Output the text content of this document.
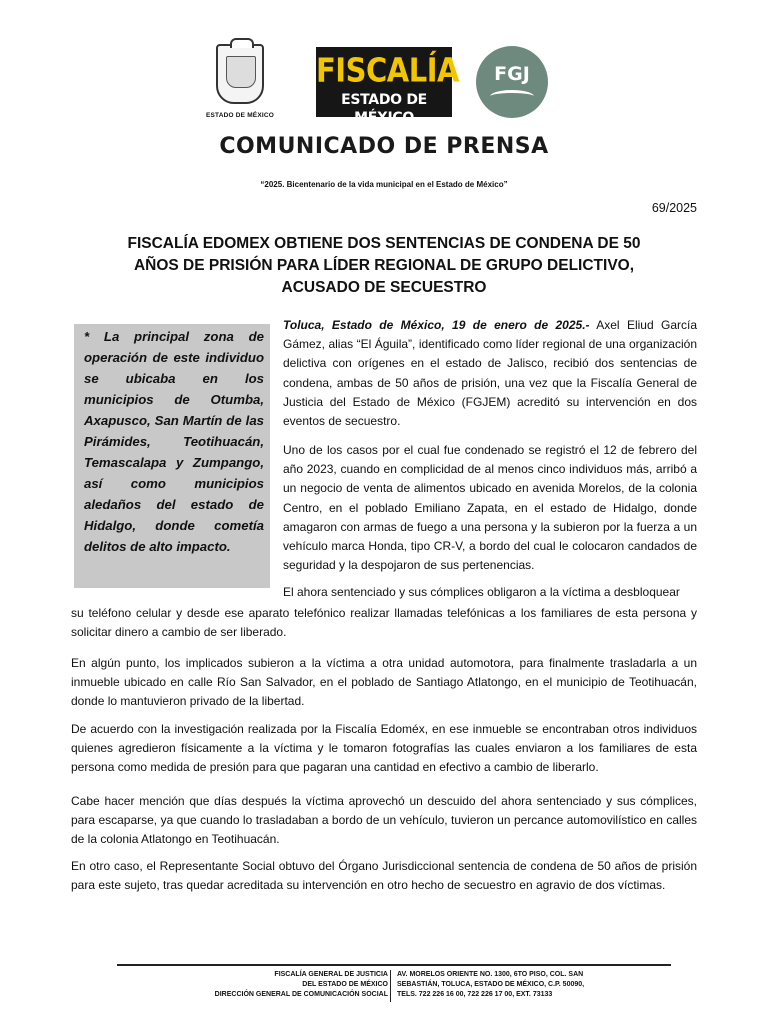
ESTADO DE MÉXICO
FISCALÍA
ESTADO DE MÉXICO
FGJ
COMUNICADO DE PRENSA
“2025. Bicentenario de la vida municipal en el Estado de México”
69/2025
FISCALÍA EDOMEX OBTIENE DOS SENTENCIAS DE CONDENA DE 50
AÑOS DE PRISIÓN PARA LÍDER REGIONAL DE GRUPO DELICTIVO,
ACUSADO DE SECUESTRO

* La principal zona de operación de este individuo se ubicaba en los municipios de Otumba, Axapusco, San Martín de las Pirámides, Teotihuacán, Temascalapa y Zumpango, así como municipios aledaños del estado de Hidalgo, donde cometía delitos de alto impacto.

Toluca, Estado de México, 19 de enero de 2025.- Axel Eliud García Gámez, alias “El Águila”, identificado como líder regional de una organización delictiva con orígenes en el estado de Jalisco, recibió dos sentencias de condena, ambas de 50 años de prisión, una vez que la Fiscalía General de Justicia del Estado de México (FGJEM) acreditó su intervención en dos eventos de secuestro.

Uno de los casos por el cual fue condenado se registró el 12 de febrero del año 2023, cuando en complicidad de al menos cinco individuos más, arribó a un negocio de venta de alimentos ubicado en avenida Morelos, de la colonia Centro, en el poblado Emiliano Zapata, en el estado de Hidalgo, donde amagaron con armas de fuego a una persona y la subieron por la fuerza a un vehículo marca Honda, tipo CR-V, a bordo del cual le colocaron candados de seguridad y la despojaron de sus pertenencias.

El ahora sentenciado y sus cómplices obligaron a la víctima a desbloquear

su teléfono celular y desde ese aparato telefónico realizar llamadas telefónicas a los familiares de esta persona y solicitar dinero a cambio de ser liberado.

En algún punto, los implicados subieron a la víctima a otra unidad automotora, para finalmente trasladarla a un inmueble ubicado en calle Río San Salvador, en el poblado de Santiago Atlatongo, en el municipio de Teotihuacán, donde lo mantuvieron privado de la libertad.

De acuerdo con la investigación realizada por la Fiscalía Edoméx, en ese inmueble se encontraban otros individuos quienes agredieron físicamente a la víctima y le tomaron fotografías las cuales enviaron a los familiares de esta persona como medida de presión para que pagaran una cantidad en efectivo a cambio de liberarlo.

Cabe hacer mención que días después la víctima aprovechó un descuido del ahora sentenciado y sus cómplices, para escaparse, ya que cuando lo trasladaban a bordo de un vehículo, tuvieron un percance automovilístico en calles de la colonia Atlatongo en Teotihuacán.

En otro caso, el Representante Social obtuvo del Órgano Jurisdiccional sentencia de condena de 50 años de prisión para este sujeto, tras quedar acreditada su intervención en otro hecho de secuestro en agravio de dos víctimas.

FISCALÍA GENERAL DE JUSTICIA
DEL ESTADO DE MÉXICO
DIRECCIÓN GENERAL DE COMUNICACIÓN SOCIAL
AV. MORELOS ORIENTE NO. 1300, 6TO PISO, COL. SAN
SEBASTIÁN, TOLUCA, ESTADO DE MÉXICO, C.P. 50090,
TELS. 722 226 16 00, 722 226 17 00, EXT. 73133
